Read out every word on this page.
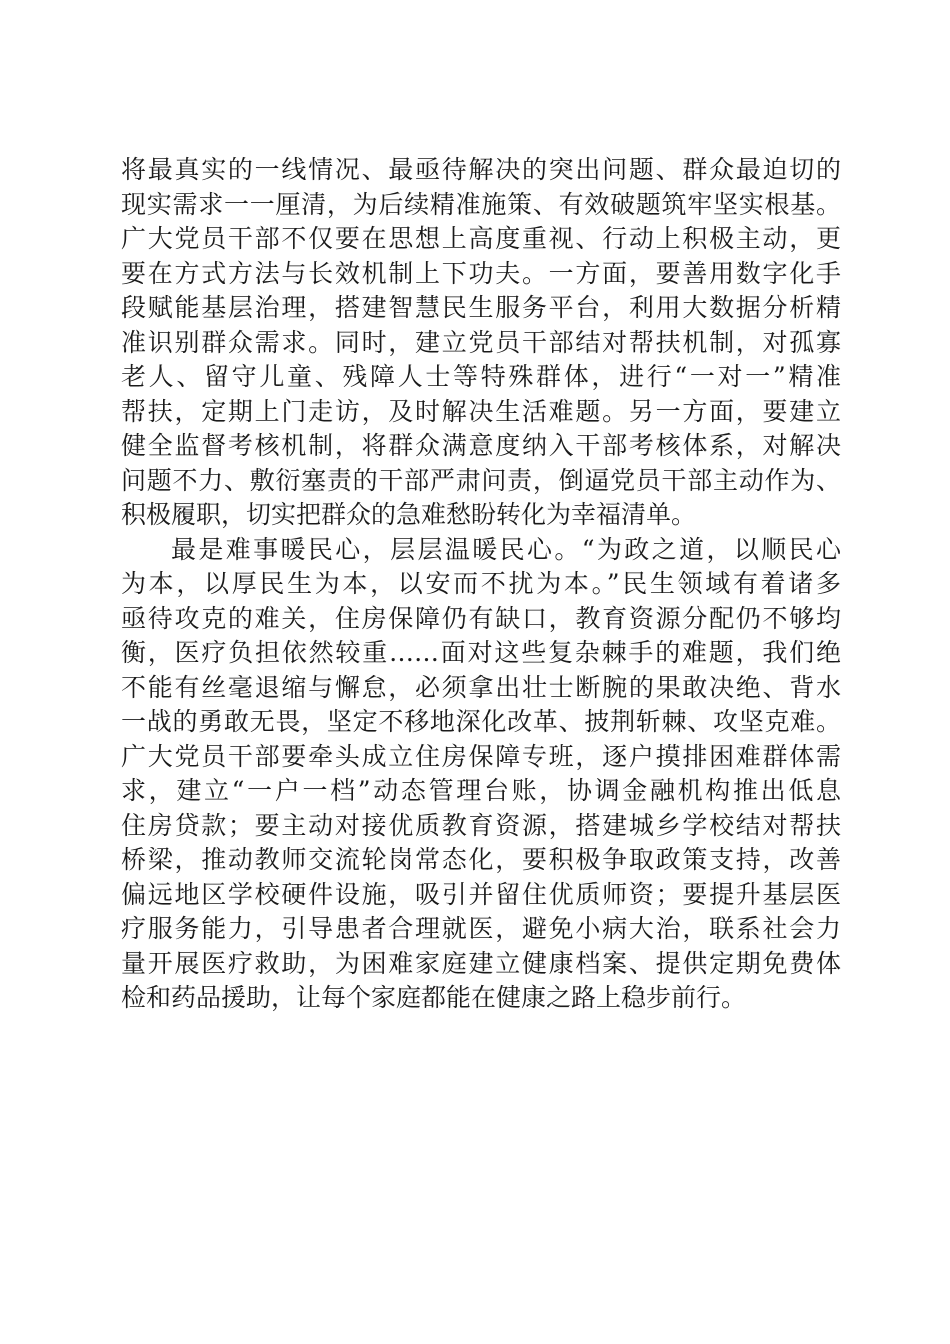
将最真实的一线情况、最亟待解决的突出问题、群众最迫切的
现实需求一一厘清，为后续精准施策、有效破题筑牢坚实根基。
广大党员干部不仅要在思想上高度重视、行动上积极主动，更
要在方式方法与长效机制上下功夫。一方面，要善用数字化手
段赋能基层治理，搭建智慧民生服务平台，利用大数据分析精
准识别群众需求。同时，建立党员干部结对帮扶机制，对孤寡
老人、留守儿童、残障人士等特殊群体，进行“一对一”精准
帮扶，定期上门走访，及时解决生活难题。另一方面，要建立
健全监督考核机制，将群众满意度纳入干部考核体系，对解决
问题不力、敷衍塞责的干部严肃问责，倒逼党员干部主动作为、
积极履职，切实把群众的急难愁盼转化为幸福清单。
最是难事暖民心，层层温暖民心。“为政之道，以顺民心
为本，以厚民生为本，以安而不扰为本。”民生领域有着诸多
亟待攻克的难关，住房保障仍有缺口，教育资源分配仍不够均
衡，医疗负担依然较重……面对这些复杂棘手的难题，我们绝
不能有丝毫退缩与懈怠，必须拿出壮士断腕的果敢决绝、背水
一战的勇敢无畏，坚定不移地深化改革、披荆斩棘、攻坚克难。
广大党员干部要牵头成立住房保障专班，逐户摸排困难群体需
求，建立“一户一档”动态管理台账，协调金融机构推出低息
住房贷款；要主动对接优质教育资源，搭建城乡学校结对帮扶
桥梁，推动教师交流轮岗常态化，要积极争取政策支持，改善
偏远地区学校硬件设施，吸引并留住优质师资；要提升基层医
疗服务能力，引导患者合理就医，避免小病大治，联系社会力
量开展医疗救助，为困难家庭建立健康档案、提供定期免费体
检和药品援助，让每个家庭都能在健康之路上稳步前行。
